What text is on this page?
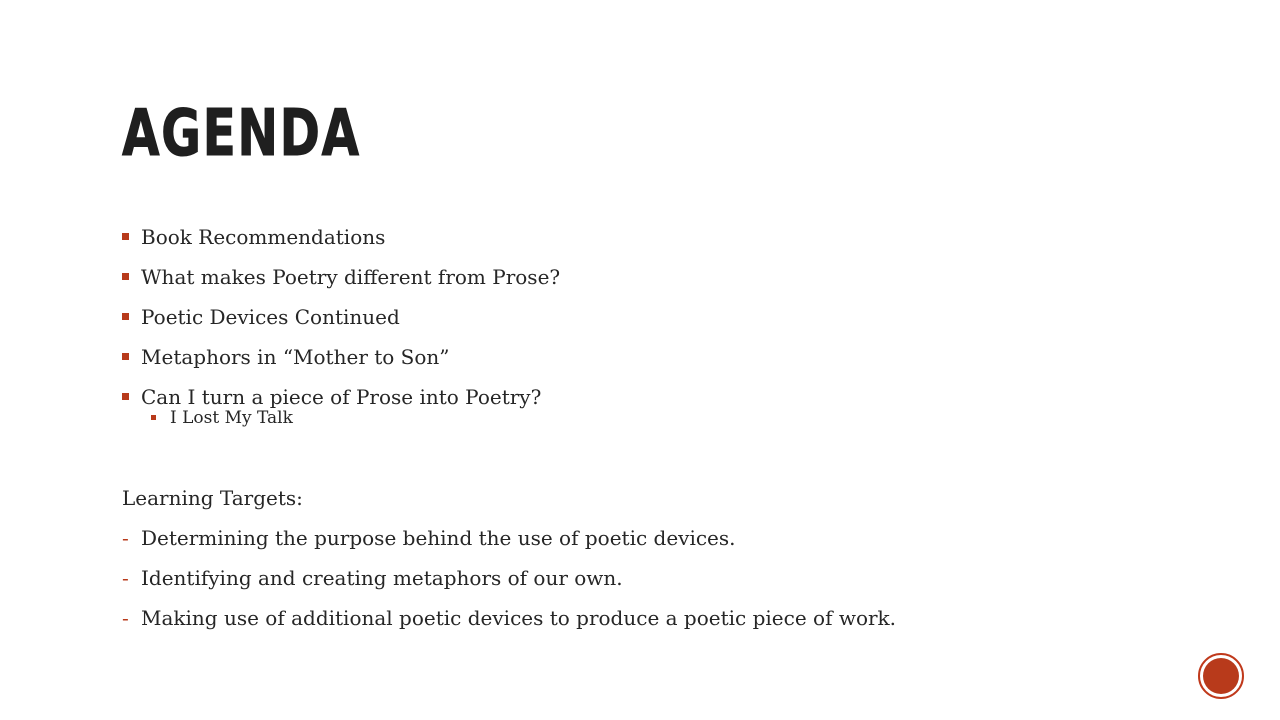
AGENDA
Book Recommendations
What makes Poetry different from Prose?
Poetic Devices Continued
Metaphors in “Mother to Son”
Can I turn a piece of Prose into Poetry?
I Lost My Talk
Learning Targets:
- Determining the purpose behind the use of poetic devices.
- Identifying and creating metaphors of our own.
- Making use of additional poetic devices to produce a poetic piece of work.
